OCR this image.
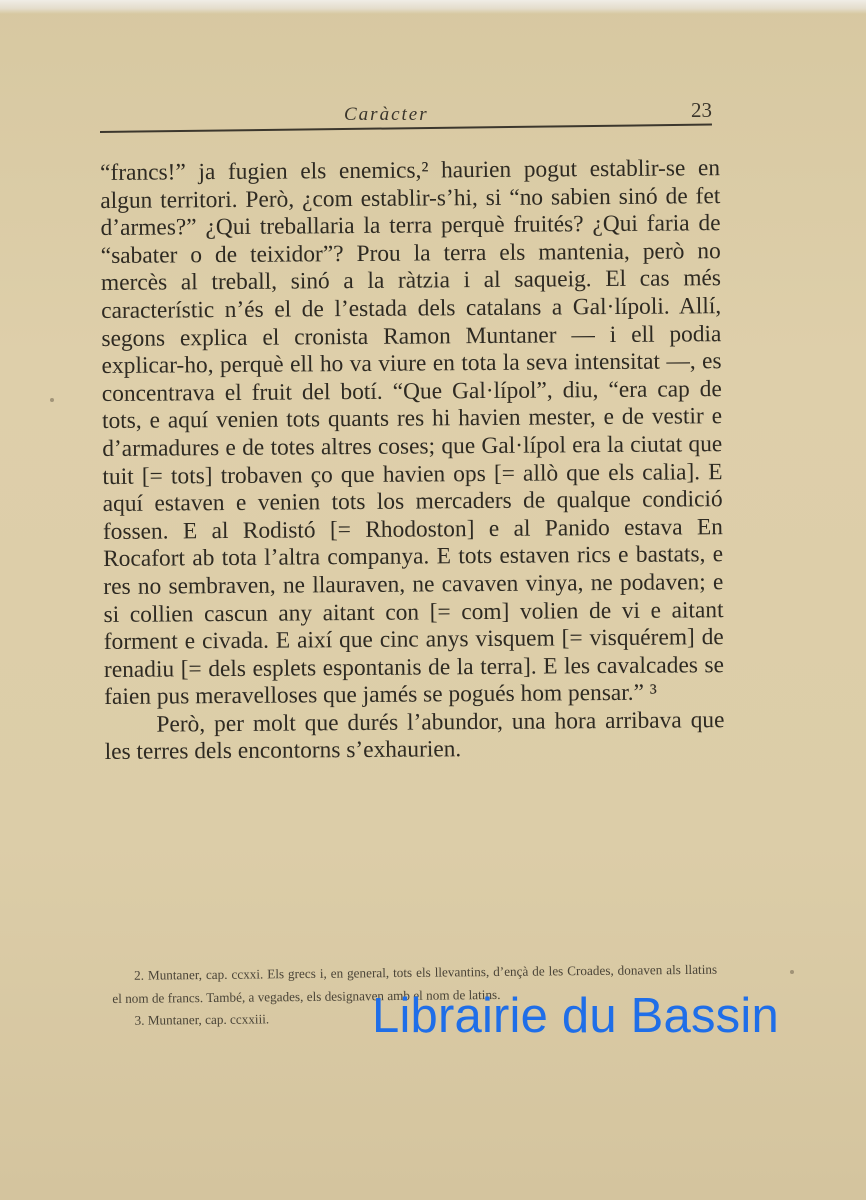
Caràcter	23

“francs!” ja fugien els enemics,² haurien pogut establir-se en algun territori. Però, ¿com establir-s’hi, si “no sabien sinó de fet d’armes?” ¿Qui treballaria la terra perquè fruités? ¿Qui faria de “sabater o de teixidor”? Prou la terra els mantenia, però no mercès al treball, sinó a la ràtzia i al saqueig. El cas més característic n’és el de l’estada dels catalans a Gal·lípoli. Allí, segons explica el cronista Ramon Muntaner — i ell podia explicar-ho, perquè ell ho va viure en tota la seva intensitat —, es concentrava el fruit del botí. “Que Gal·lípol”, diu, “era cap de tots, e aquí venien tots quants res hi havien mester, e de vestir e d’armadures e de totes altres coses; que Gal·lípol era la ciutat que tuit [= tots] trobaven ço que havien ops [= allò que els calia]. E aquí estaven e venien tots los mercaders de qualque condició fossen. E al Rodistó [= Rhodoston] e al Panido estava En Rocafort ab tota l’altra companya. E tots estaven rics e bastats, e res no sembraven, ne llauraven, ne cavaven vinya, ne podaven; e si collien cascun any aitant con [= com] volien de vi e aitant forment e civada. E així que cinc anys visquem [= visquérem] de renadiu [= dels esplets espontanis de la terra]. E les cavalcades se faien pus meravelloses que jamés se pogués hom pensar.” ³

Però, per molt que durés l’abundor, una hora arribava que les terres dels encontorns s’exhaurien.

2. Muntaner, cap. ccxxi. Els grecs i, en general, tots els llevantins, d’ençà de les Croades, donaven als llatins el nom de francs. També, a vegades, els designaven amb el nom de latins.

3. Muntaner, cap. ccxxiii.	Librairie du Bassin
